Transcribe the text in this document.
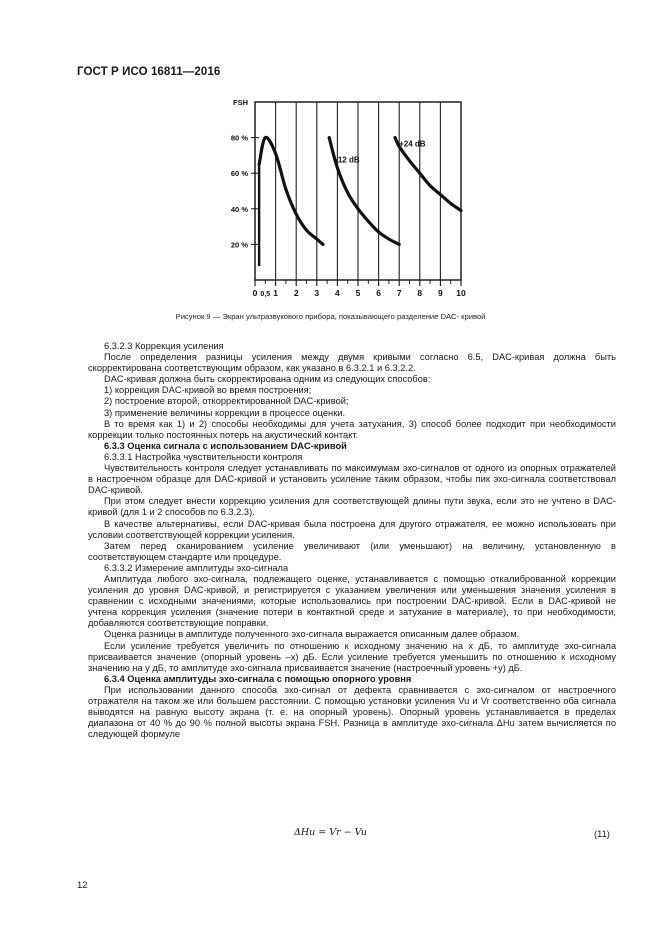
ГОСТ Р ИСО 16811—2016
20 %
40 %
60 %
80 %
FSH
0 1 2 3 4 5 6 7 8 9 10
0,5
+12 dB
+24 dB
Рисунок 9 — Экран ультразвукового прибора, показывающего разделение DAC- кривой

6.3.2.3 Коррекция усиления

После определения разницы усиления между двумя кривыми согласно 6.5, DAC-кривая должна быть скорректирована соответствующим образом, как указано в 6.3.2.1 и 6.3.2.2.

DAC-кривая должна быть скорректирована одним из следующих способов:

1) коррекция DAC-кривой во время построения;

2) построение второй, откорректированной DAC-кривой;

3) применение величины коррекции в процессе оценки.

В то время как 1) и 2) способы необходимы для учета затухания, 3) способ более подходит при необходимости коррекции только постоянных потерь на акустический контакт.

6.3.3 Оценка сигнала с использованием DAC-кривой

6.3.3.1 Настройка чувствительности контроля

Чувствительность контроля следует устанавливать по максимумам эхо-сигналов от одного из опорных отражателей в настроечном образце для DAC-кривой и установить усиление таким образом, чтобы пик эхо-сигнала соответствовал DAC-кривой.

При этом следует внести коррекцию усиления для соответствующей длины пути звука, если это не учтено в DAC-кривой (для 1 и 2 способов по 6.3.2.3).

В качестве альтернативы, если DAC-кривая была построена для другого отражателя, ее можно использовать при условии соответствующей коррекции усиления.

Затем перед сканированием усиление увеличивают (или уменьшают) на величину, установленную в соответствующем стандарте или процедуре.

6.3.3.2 Измерение амплитуды эхо-сигнала

Амплитуда любого эхо-сигнала, подлежащего оценке, устанавливается с помощью откалиброванной коррекции усиления до уровня DAC-кривой, и регистрируется с указанием увеличения или уменьшения значения усиления в сравнении с исходными значениями, которые использовались при построении DAC-кривой. Если в DAC-кривой не учтена коррекция усиления (значение потери в контактной среде и затухание в материале), то при необходимости, добавляются соответствующие поправки.

Оценка разницы в амплитуде полученного эхо-сигнала выражается описанным далее образом.

Если усиление требуется увеличить по отношению к исходному значению на x дБ, то амплитуде эхо-сигнала присваивается значение (опорный уровень –x) дБ. Если усиление требуется уменьшить по отношению к исходному значению на y дБ, то амплитуде эхо-сигнала присваивается значение (настроечный уровень +y) дБ.

6.3.4 Оценка амплитуды эхо-сигнала с помощью опорного уровня

При использовании данного способа эхо-сигнал от дефекта сравнивается с эхо-сигналом от настроечного отражателя на таком же или большем расстоянии. С помощью установки усиления Vu и Vr соответственно оба сигнала выводятся на равную высоту экрана (т. е. на опорный уровень). Опорный уровень устанавливается в пределах диапазона от 40 % до 90 % полной высоты экрана FSH. Разница в амплитуде эхо-сигнала ΔHu затем вычисляется по следующей формуле

ΔHu = Vr − Vu	(11)
12
